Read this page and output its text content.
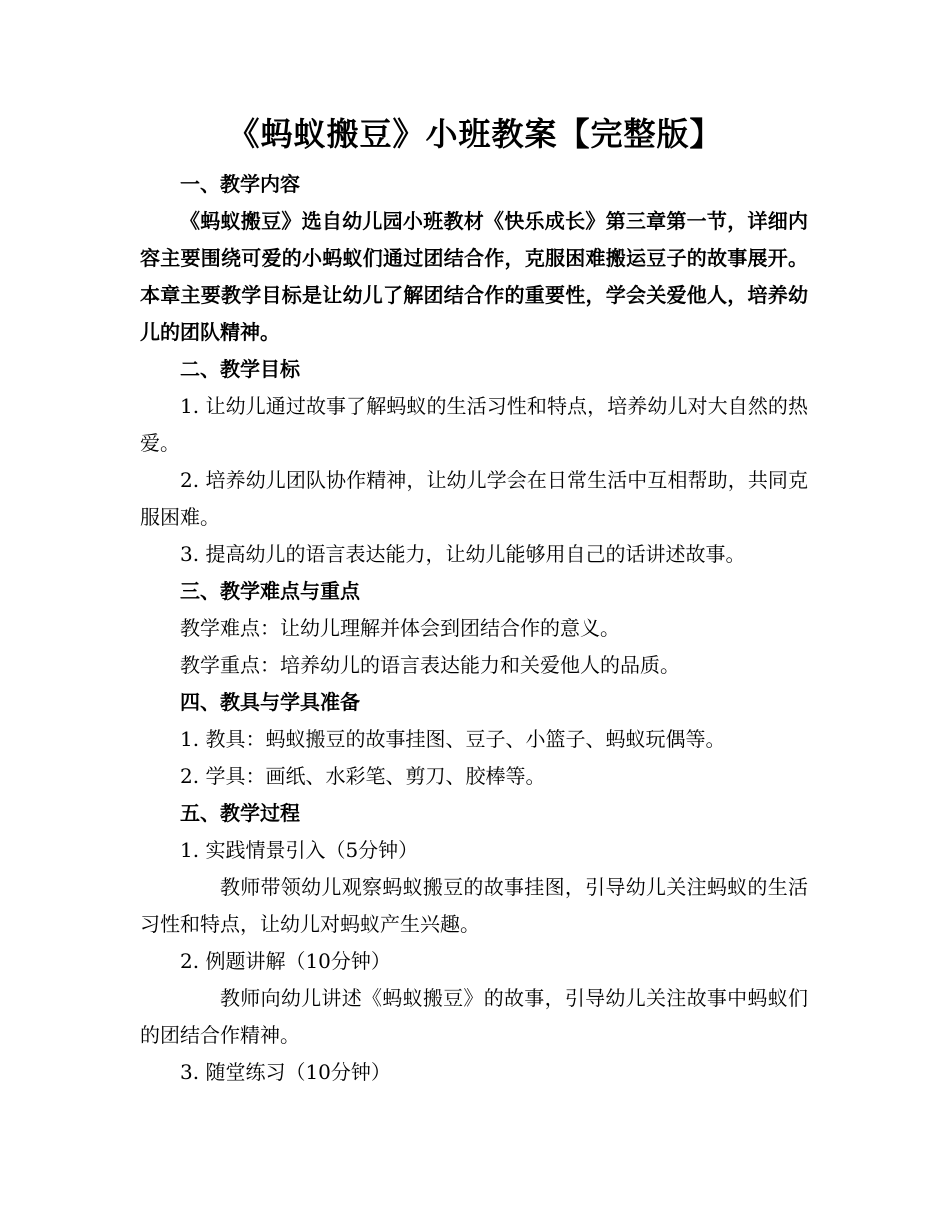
《蚂蚁搬豆》小班教案【完整版】

一、教学内容

《蚂蚁搬豆》选自幼儿园小班教材《快乐成长》第三章第一节，详细内容主要围绕可爱的小蚂蚁们通过团结合作，克服困难搬运豆子的故事展开。本章主要教学目标是让幼儿了解团结合作的重要性，学会关爱他人，培养幼儿的团队精神。

二、教学目标

1. 让幼儿通过故事了解蚂蚁的生活习性和特点，培养幼儿对大自然的热爱。

2. 培养幼儿团队协作精神，让幼儿学会在日常生活中互相帮助，共同克服困难。

3. 提高幼儿的语言表达能力，让幼儿能够用自己的话讲述故事。

三、教学难点与重点

教学难点：让幼儿理解并体会到团结合作的意义。

教学重点：培养幼儿的语言表达能力和关爱他人的品质。

四、教具与学具准备

1. 教具：蚂蚁搬豆的故事挂图、豆子、小篮子、蚂蚁玩偶等。

2. 学具：画纸、水彩笔、剪刀、胶棒等。

五、教学过程

1. 实践情景引入（5分钟）

教师带领幼儿观察蚂蚁搬豆的故事挂图，引导幼儿关注蚂蚁的生活习性和特点，让幼儿对蚂蚁产生兴趣。

2. 例题讲解（10分钟）

教师向幼儿讲述《蚂蚁搬豆》的故事，引导幼儿关注故事中蚂蚁们的团结合作精神。

3. 随堂练习（10分钟）
